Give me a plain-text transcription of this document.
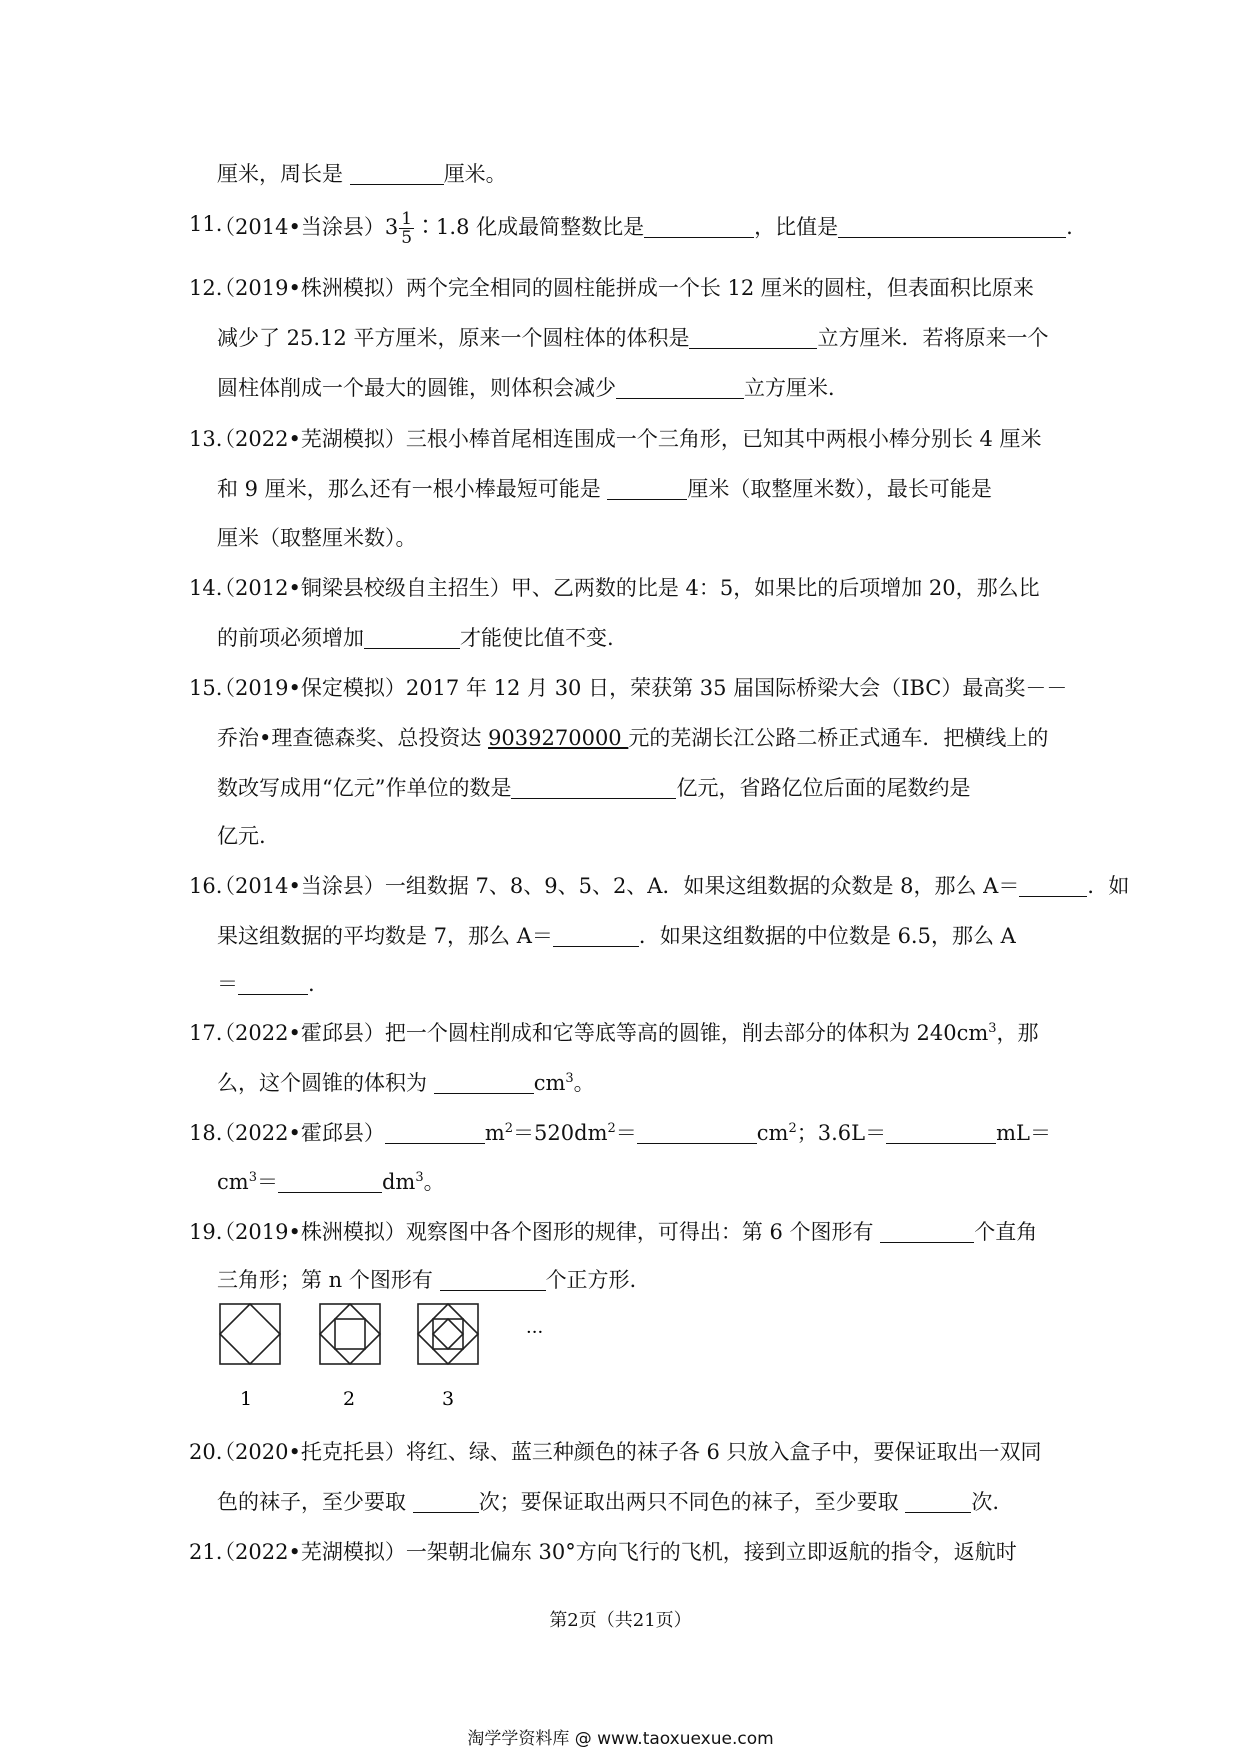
厘米，周长是	厘米。
11.
（2014•当涂县）$3 \frac{1}{5}$ ∶1.8 化成最简整数比是	，比值是	.
12.
（2019•株洲模拟）两个完全相同的圆柱能拼成一个长 12 厘米的圆柱，但表面积比原来
减少了 25.12 平方厘米，原来一个圆柱体的体积是	立方厘米．若将原来一个
圆柱体削成一个最大的圆锥，则体积会减少	立方厘米．
13.
（2022•芜湖模拟）三根小棒首尾相连围成一个三角形，已知其中两根小棒分别长 4 厘米
和 9 厘米，那么还有一根小棒最短可能是	厘米（取整厘米数），最长可能是
厘米（取整厘米数）。
14.
（2012•铜梁县校级自主招生）甲、乙两数的比是 4：5，如果比的后项增加 20，那么比
的前项必须增加	才能使比值不变.
15.
（2019•保定模拟）2017 年 12 月 30 日，荣获第 35 届国际桥梁大会（IBC）最高奖－－
乔治•理查德森奖、总投资达 9039270000 元的芜湖长江公路二桥正式通车．把横线上的
数改写成用“亿元”作单位的数是	亿元，省路亿位后面的尾数约是
亿元.
16.
（2014•当涂县）一组数据 7、8、9、5、2、A．如果这组数据的众数是 8，那么 A＝	．如
果这组数据的平均数是 7，那么 A＝	．如果这组数据的中位数是 6.5，那么 A
＝	.
17.
（2022•霍邱县）把一个圆柱削成和它等底等高的圆锥，削去部分的体积为 $240cm^3$，那
么，这个圆锥的体积为	$cm^3$。
18.
（2022•霍邱县）	$m^2=520dm^2=$	$cm^2$；3.6L＝	mL＝
$cm^3=$	$dm^3$。
19.
（2019•株洲模拟）观察图中各个图形的规律，可得出：第 6 个图形有	个直角
三角形；第 n 个图形有	个正方形.
1	2	3
···
20.
（2020•托克托县）将红、绿、蓝三种颜色的袜子各 6 只放入盒子中，要保证取出一双同
色的袜子，至少要取	次；要保证取出两只不同色的袜子，至少要取	次.
21.
（2022•芜湖模拟）一架朝北偏东 30°方向飞行的飞机，接到立即返航的指令，返航时
第2页（共21页）
淘学学资料库 @ www.taoxuexue.com
